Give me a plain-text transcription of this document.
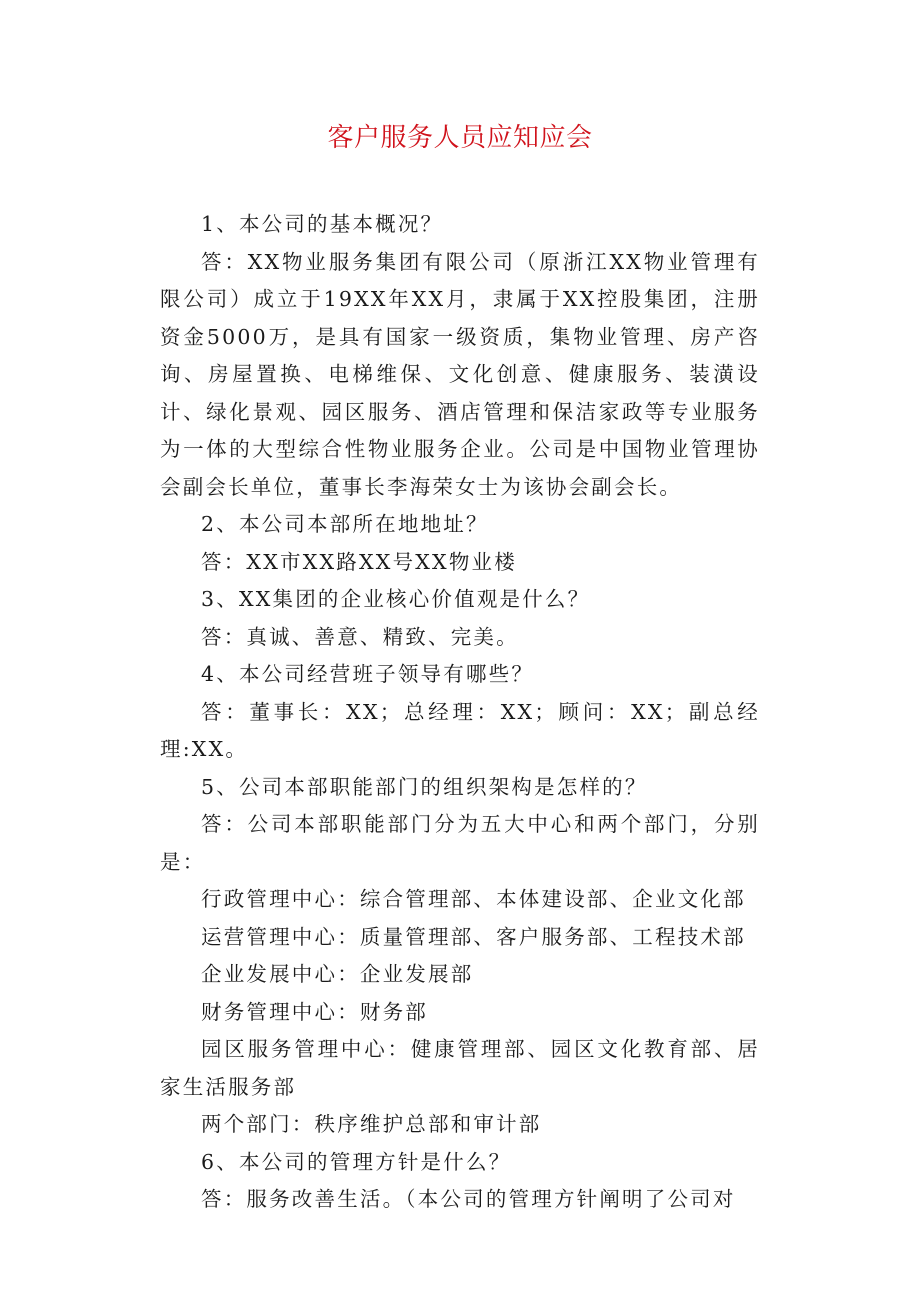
客户服务人员应知应会

1、本公司的基本概况？

答：XX物业服务集团有限公司（原浙江XX物业管理有限公司）成立于19XX年XX月，隶属于XX控股集团，注册资金5000万，是具有国家一级资质，集物业管理、房产咨询、房屋置换、电梯维保、文化创意、健康服务、装潢设计、绿化景观、园区服务、酒店管理和保洁家政等专业服务为一体的大型综合性物业服务企业。公司是中国物业管理协会副会长单位，董事长李海荣女士为该协会副会长。

2、本公司本部所在地地址？

答：XX市XX路XX号XX物业楼

3、XX集团的企业核心价值观是什么？

答：真诚、善意、精致、完美。

4、本公司经营班子领导有哪些？

答：董事长：XX；总经理：XX；顾问：XX；副总经理:XX。

5、公司本部职能部门的组织架构是怎样的？

答：公司本部职能部门分为五大中心和两个部门，分别是：

行政管理中心：综合管理部、本体建设部、企业文化部

运营管理中心：质量管理部、客户服务部、工程技术部

企业发展中心：企业发展部

财务管理中心：财务部

园区服务管理中心：健康管理部、园区文化教育部、居家生活服务部

两个部门：秩序维护总部和审计部

6、本公司的管理方针是什么？

答：服务改善生活。（本公司的管理方针阐明了公司对
